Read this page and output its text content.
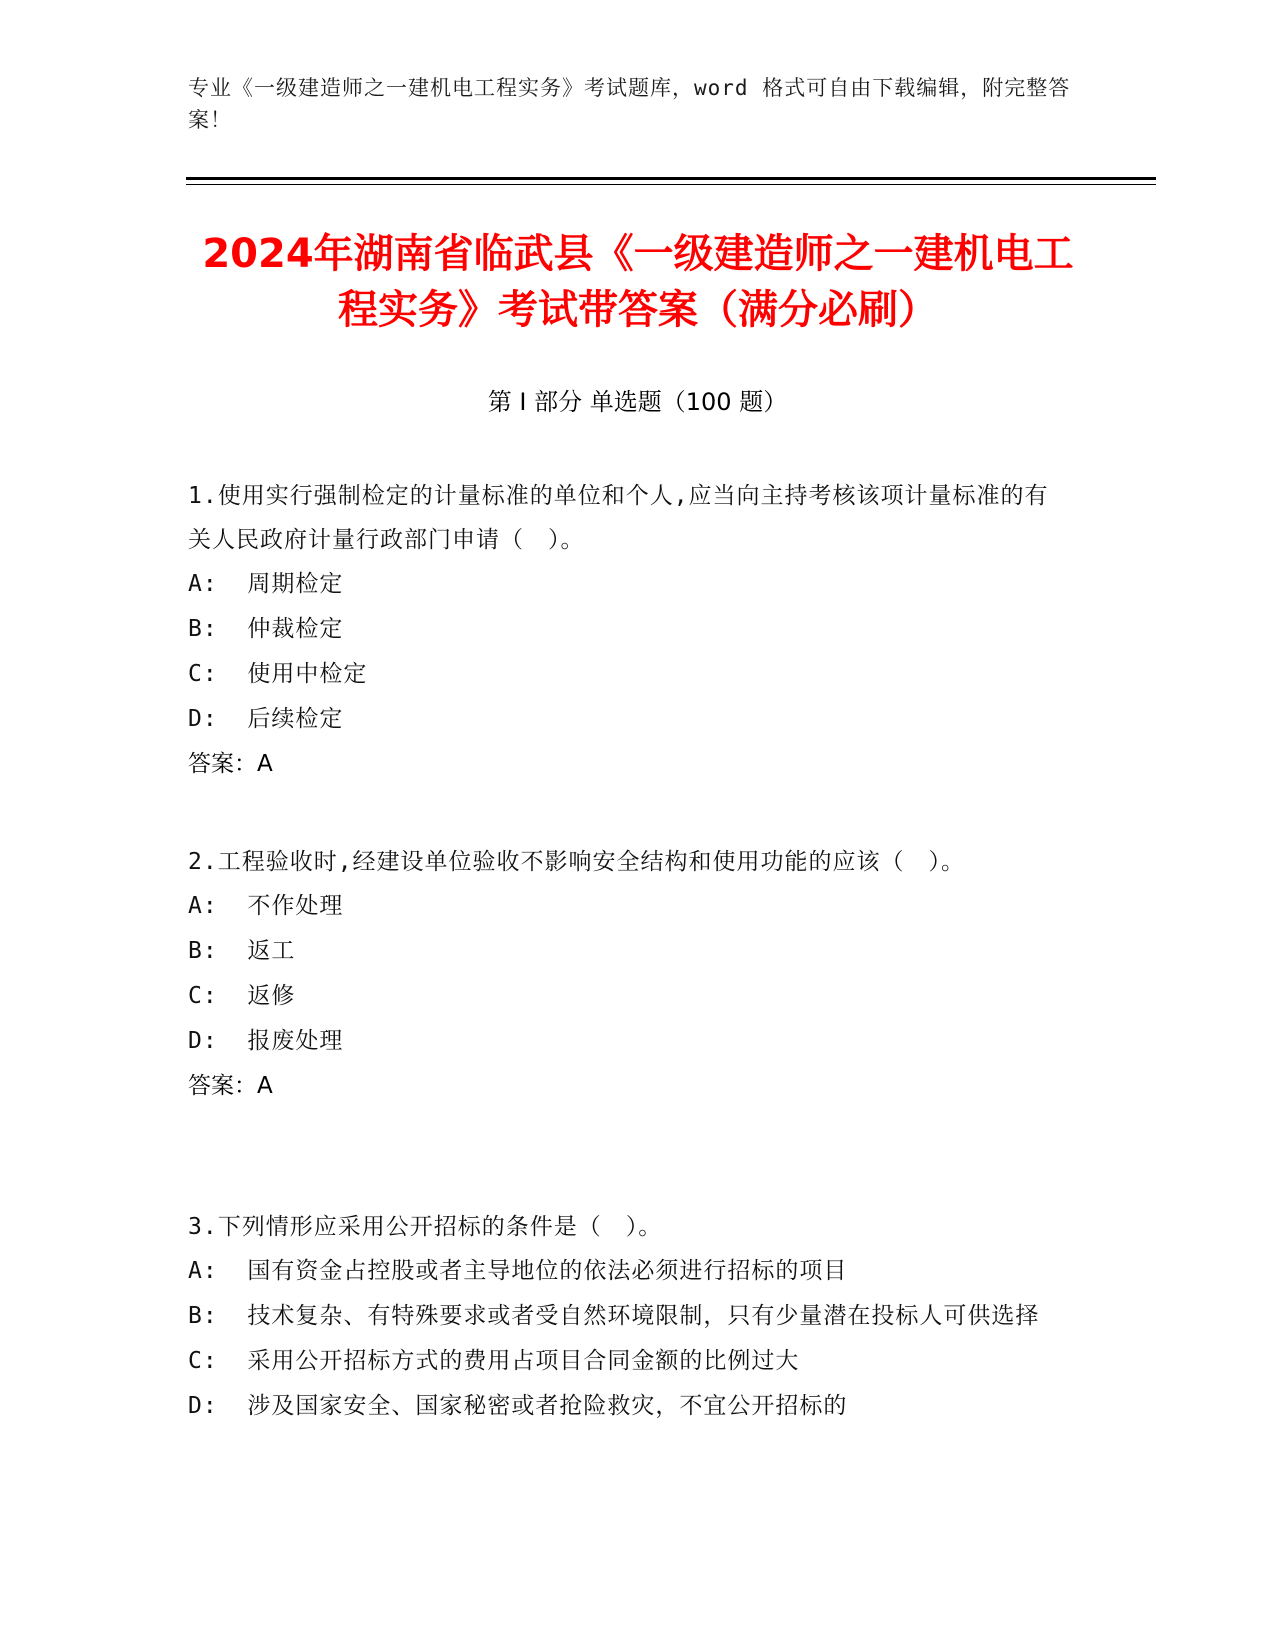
专业《一级建造师之一建机电工程实务》考试题库，word 格式可自由下载编辑，附完整答案！
2024年湖南省临武县《一级建造师之一建机电工程实务》考试带答案（满分必刷）
第 I 部分 单选题（100 题）
1.使用实行强制检定的计量标准的单位和个人,应当向主持考核该项计量标准的有关人民政府计量行政部门申请（　）。
A:  周期检定
B:  仲裁检定
C:  使用中检定
D:  后续检定
答案：A
2.工程验收时,经建设单位验收不影响安全结构和使用功能的应该（　）。
A:  不作处理
B:  返工
C:  返修
D:  报废处理
答案：A
3.下列情形应采用公开招标的条件是（　）。
A:  国有资金占控股或者主导地位的依法必须进行招标的项目
B:  技术复杂、有特殊要求或者受自然环境限制，只有少量潜在投标人可供选择
C:  采用公开招标方式的费用占项目合同金额的比例过大
D:  涉及国家安全、国家秘密或者抢险救灾，不宜公开招标的
